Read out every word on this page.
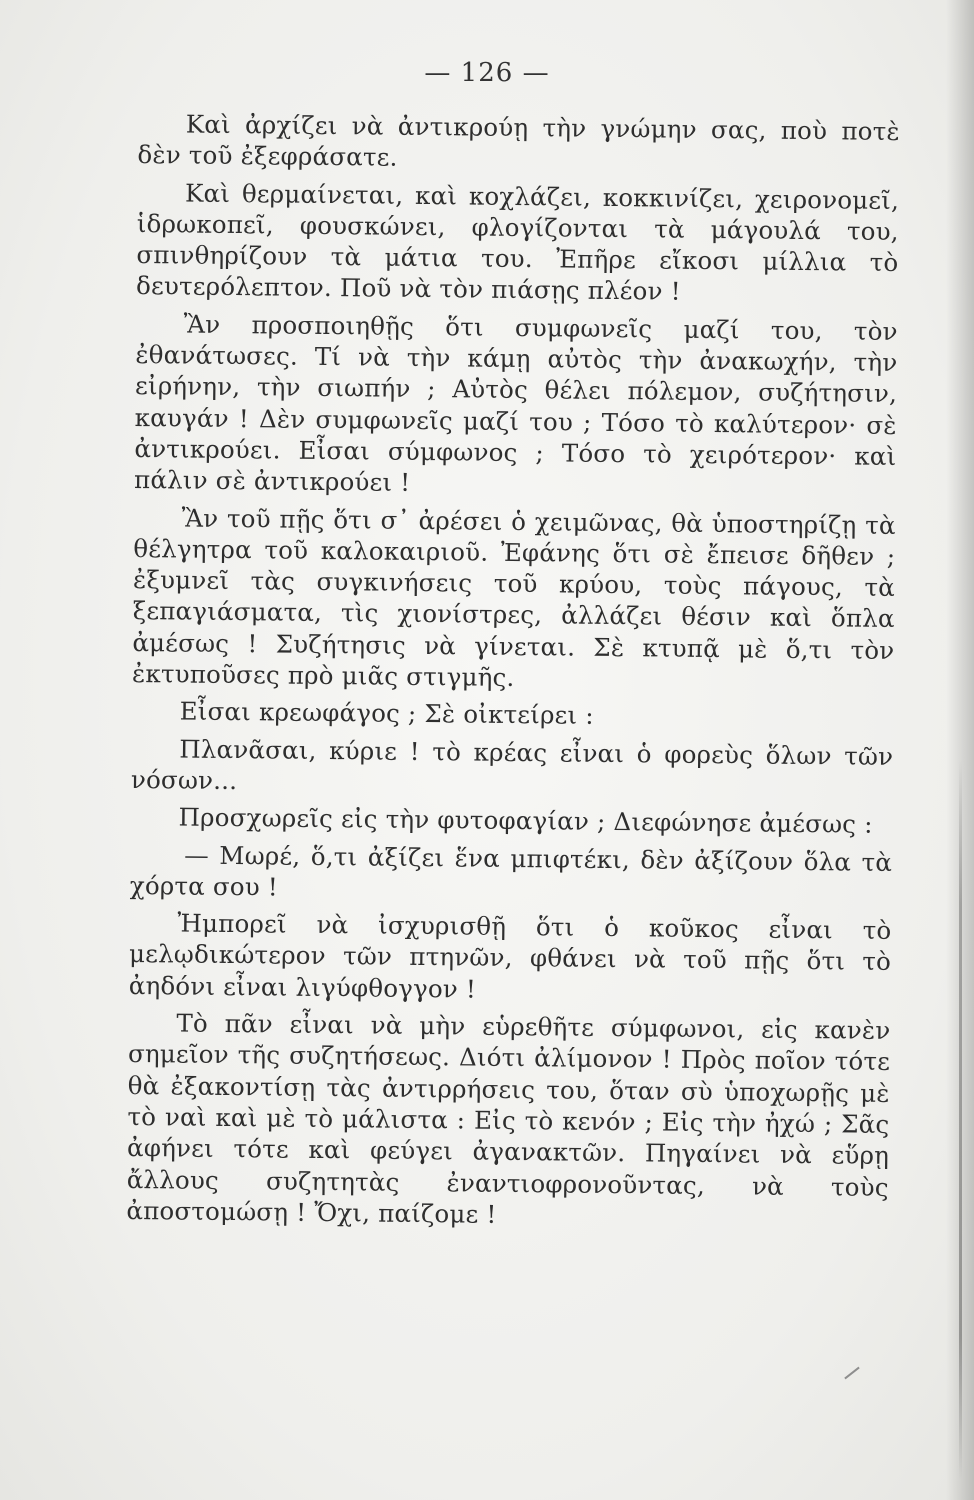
— 126 —

Καὶ ἀρχίζει νὰ ἀντικρούῃ τὴν γνώμην σας, ποὺ ποτὲ δὲν τοῦ ἐξεφράσατε.

Καὶ θερμαίνεται, καὶ κοχλάζει, κοκκινίζει, χειρονομεῖ, ἱδρωκοπεῖ, φουσκώνει, φλογίζονται τὰ μάγουλά του, σπινθηρίζουν τὰ μάτια του. Ἐπῆρε εἴκοσι μίλλια τὸ δευτερόλεπτον. Ποῦ νὰ τὸν πιάσῃς πλέον !

Ἂν προσποιηθῇς ὅτι συμφωνεῖς μαζί του, τὸν ἐθανάτωσες. Τί νὰ τὴν κάμῃ αὐτὸς τὴν ἀνακωχήν, τὴν εἰρήνην, τὴν σιωπήν ; Αὐτὸς θέλει πόλεμον, συζήτησιν, καυγάν ! Δὲν συμφωνεῖς μαζί του ; Τόσο τὸ καλύτερον· σὲ ἀντικρούει. Εἶσαι σύμφωνος ; Τόσο τὸ χειρότερον· καὶ πάλιν σὲ ἀντικρούει !

Ἂν τοῦ πῇς ὅτι σ᾽ ἀρέσει ὁ χειμῶνας, θὰ ὑποστηρίζῃ τὰ θέλγητρα τοῦ καλοκαιριοῦ. Ἐφάνης ὅτι σὲ ἔπεισε δῆθεν ; ἐξυμνεῖ τὰς συγκινήσεις τοῦ κρύου, τοὺς πάγους, τὰ ξεπαγιάσματα, τὶς χιονίστρες, ἀλλάζει θέσιν καὶ ὅπλα ἀμέσως ! Συζήτησις νὰ γίνεται. Σὲ κτυπᾷ μὲ ὅ,τι τὸν ἐκτυποῦσες πρὸ μιᾶς στιγμῆς.

Εἶσαι κρεωφάγος ; Σὲ οἰκτείρει :

Πλανᾶσαι, κύριε ! τὸ κρέας εἶναι ὁ φορεὺς ὅλων τῶν νόσων...

Προσχωρεῖς εἰς τὴν φυτοφαγίαν ; Διεφώνησε ἀμέσως :

— Μωρέ, ὅ,τι ἀξίζει ἕνα μπιφτέκι, δὲν ἀξίζουν ὅλα τὰ χόρτα σου !

Ἠμπορεῖ νὰ ἰσχυρισθῇ ὅτι ὁ κοῦκος εἶναι τὸ μελῳδικώτερον τῶν πτηνῶν, φθάνει νὰ τοῦ πῇς ὅτι τὸ ἀηδόνι εἶναι λιγύφθογγον !

Τὸ πᾶν εἶναι νὰ μὴν εὑρεθῆτε σύμφωνοι, εἰς κανὲν σημεῖον τῆς συζητήσεως. Διότι ἀλίμονον ! Πρὸς ποῖον τότε θὰ ἐξακοντίσῃ τὰς ἀντιρρήσεις του, ὅταν σὺ ὑποχωρῇς μὲ τὸ ναὶ καὶ μὲ τὸ μάλιστα : Εἰς τὸ κενόν ; Εἰς τὴν ἠχώ ; Σᾶς ἀφήνει τότε καὶ φεύγει ἀγανακτῶν. Πηγαίνει νὰ εὕρῃ ἄλλους συζητητὰς ἐναντιοφρονοῦντας, νὰ τοὺς ἀποστομώσῃ ! Ὄχι, παίζομε !
